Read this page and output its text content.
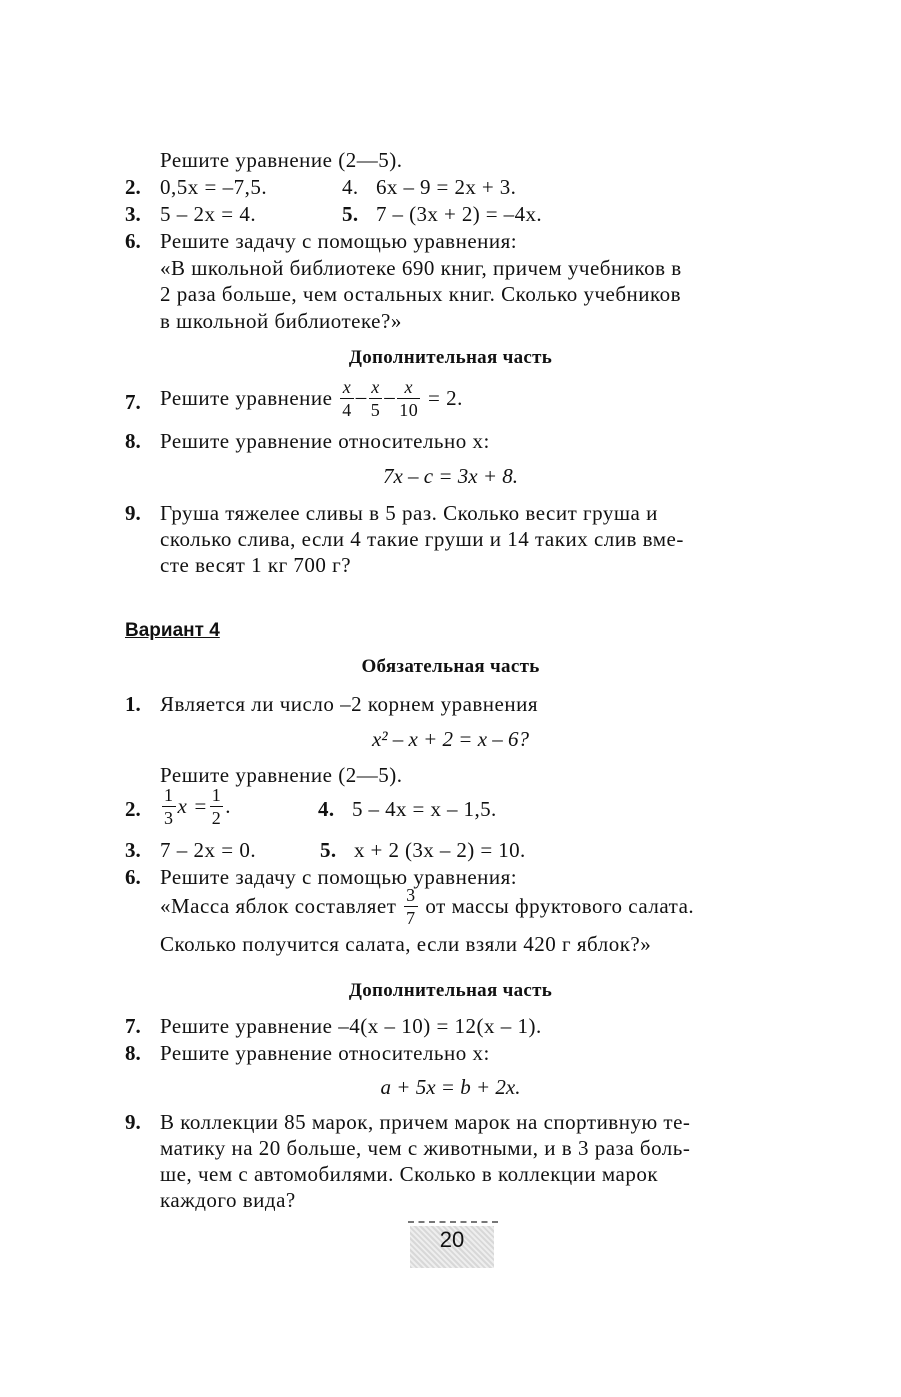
Решите уравнение (2—5).
2. 0,5x = –7,5.	4. 6x – 9 = 2x + 3.
3. 5 – 2x = 4.	5. 7 – (3x + 2) = –4x.
6. Решите задачу с помощью уравнения:
«В школьной библиотеке 690 книг, причем учебников в
2 раза больше, чем остальных книг. Сколько учебников
в школьной библиотеке?»
Дополнительная часть
7. Решите уравнение $\frac{x}{4} - \frac{x}{5} - \frac{x}{10} = 2$.
8. Решите уравнение относительно x:
7x – c = 3x + 8.
9. Груша тяжелее сливы в 5 раз. Сколько весит груша и
сколько слива, если 4 такие груши и 14 таких слив вме-
сте весят 1 кг 700 г?
Вариант 4
Обязательная часть
1. Является ли число –2 корнем уравнения
x² – x + 2 = x – 6?
Решите уравнение (2—5).
2. $\frac{1}{3}$ $x = \frac{1}{2}$ .	4. 5 – 4x = x – 1,5.
3. 7 – 2x = 0.	5. x + 2 (3x – 2) = 10.
6. Решите задачу с помощью уравнения:
«Масса яблок составляет $\frac{3}{7}$ от массы фруктового салата.
Сколько получится салата, если взяли 420 г яблок?»
Дополнительная часть
7. Решите уравнение –4(x – 10) = 12(x – 1).
8. Решите уравнение относительно x:
a + 5x = b + 2x.
9. В коллекции 85 марок, причем марок на спортивную те-
матику на 20 больше, чем с животными, и в 3 раза боль-
ше, чем с автомобилями. Сколько в коллекции марок
каждого вида?
20
